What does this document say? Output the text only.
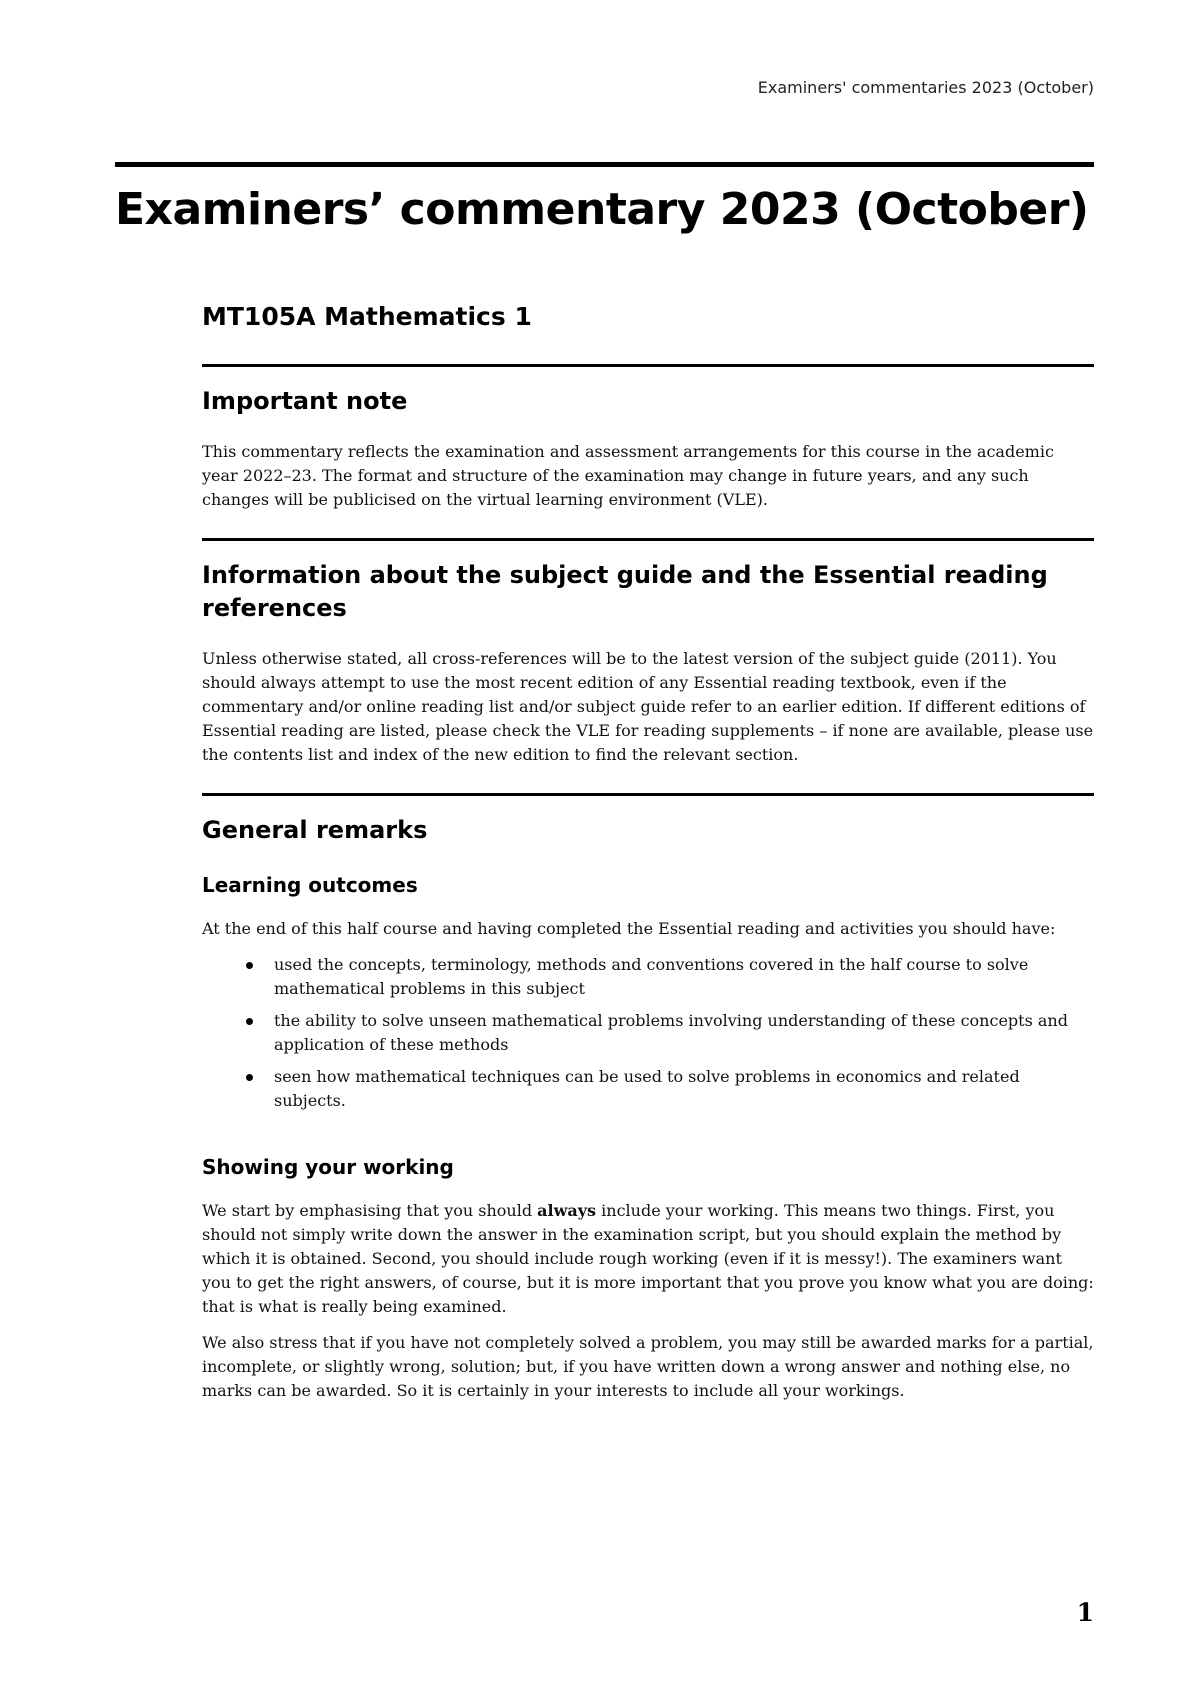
Examiners' commentaries 2023 (October)
Examiners’ commentary 2023 (October)
MT105A Mathematics 1
Important note

This commentary reflects the examination and assessment arrangements for this course in the academic year 2022–23. The format and structure of the examination may change in future years, and any such changes will be publicised on the virtual learning environment (VLE).

Information about the subject guide and the Essential reading references

Unless otherwise stated, all cross-references will be to the latest version of the subject guide (2011). You should always attempt to use the most recent edition of any Essential reading textbook, even if the commentary and/or online reading list and/or subject guide refer to an earlier edition. If different editions of Essential reading are listed, please check the VLE for reading supplements – if none are available, please use the contents list and index of the new edition to find the relevant section.

General remarks
Learning outcomes

At the end of this half course and having completed the Essential reading and activities you should have:

used the concepts, terminology, methods and conventions covered in the half course to solve mathematical problems in this subject
the ability to solve unseen mathematical problems involving understanding of these concepts and application of these methods
seen how mathematical techniques can be used to solve problems in economics and related subjects.
Showing your working

We start by emphasising that you should always include your working. This means two things. First, you should not simply write down the answer in the examination script, but you should explain the method by which it is obtained. Second, you should include rough working (even if it is messy!). The examiners want you to get the right answers, of course, but it is more important that you prove you know what you are doing: that is what is really being examined.

We also stress that if you have not completely solved a problem, you may still be awarded marks for a partial, incomplete, or slightly wrong, solution; but, if you have written down a wrong answer and nothing else, no marks can be awarded. So it is certainly in your interests to include all your workings.

1
